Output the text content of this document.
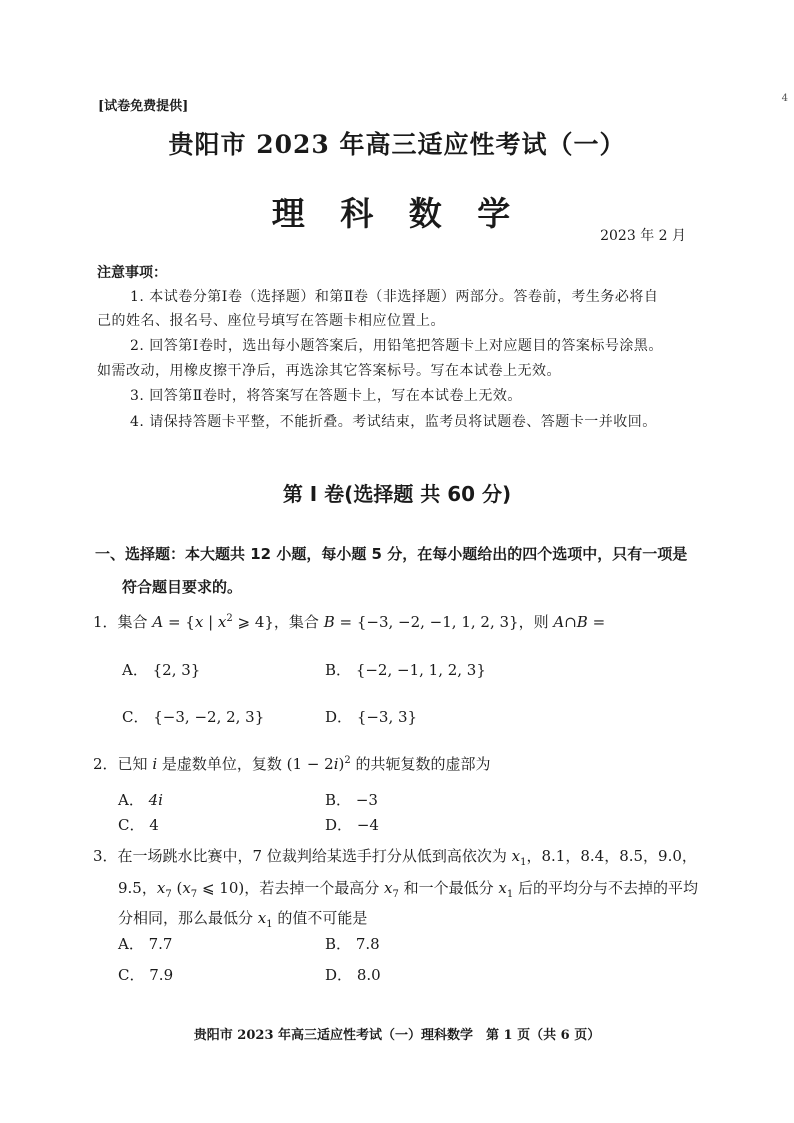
4
[试卷免费提供]
贵阳市 2023 年高三适应性考试（一）
理 科 数 学
2023 年 2 月
注意事项：
1. 本试卷分第Ⅰ卷（选择题）和第Ⅱ卷（非选择题）两部分。答卷前，考生务必将自
己的姓名、报名号、座位号填写在答题卡相应位置上。
2. 回答第Ⅰ卷时，选出每小题答案后，用铅笔把答题卡上对应题目的答案标号涂黑。
如需改动，用橡皮擦干净后，再选涂其它答案标号。写在本试卷上无效。
3. 回答第Ⅱ卷时，将答案写在答题卡上，写在本试卷上无效。
4. 请保持答题卡平整，不能折叠。考试结束，监考员将试题卷、答题卡一并收回。
第 I 卷(选择题 共 60 分)
一、选择题：本大题共 12 小题，每小题 5 分，在每小题给出的四个选项中，只有一项是
符合题目要求的。
1．集合 A = {x | $x^2$ ⩾ 4}，集合 B = {−3, −2, −1, 1, 2, 3}，则 A∩B =
A． {2, 3}	B． {−2, −1, 1, 2, 3}
C． {−3, −2, 2, 3}	D． {−3, 3}
2．已知 i 是虚数单位，复数 $(1 - 2i)^2$ 的共轭复数的虚部为
A． 4i	B． −3
C． 4	D． −4
3．在一场跳水比赛中，7 位裁判给某选手打分从低到高依次为 $x_1$，8.1，8.4，8.5，9.0，
9.5，$x_7$ ($x_7$ ⩽ 10)，若去掉一个最高分 $x_7$ 和一个最低分 $x_1$ 后的平均分与不去掉的平均
分相同，那么最低分 $x_1$ 的值不可能是
A． 7.7	B． 7.8
C． 7.9	D． 8.0
贵阳市 2023 年高三适应性考试（一）理科数学　第 1 页（共 6 页）
